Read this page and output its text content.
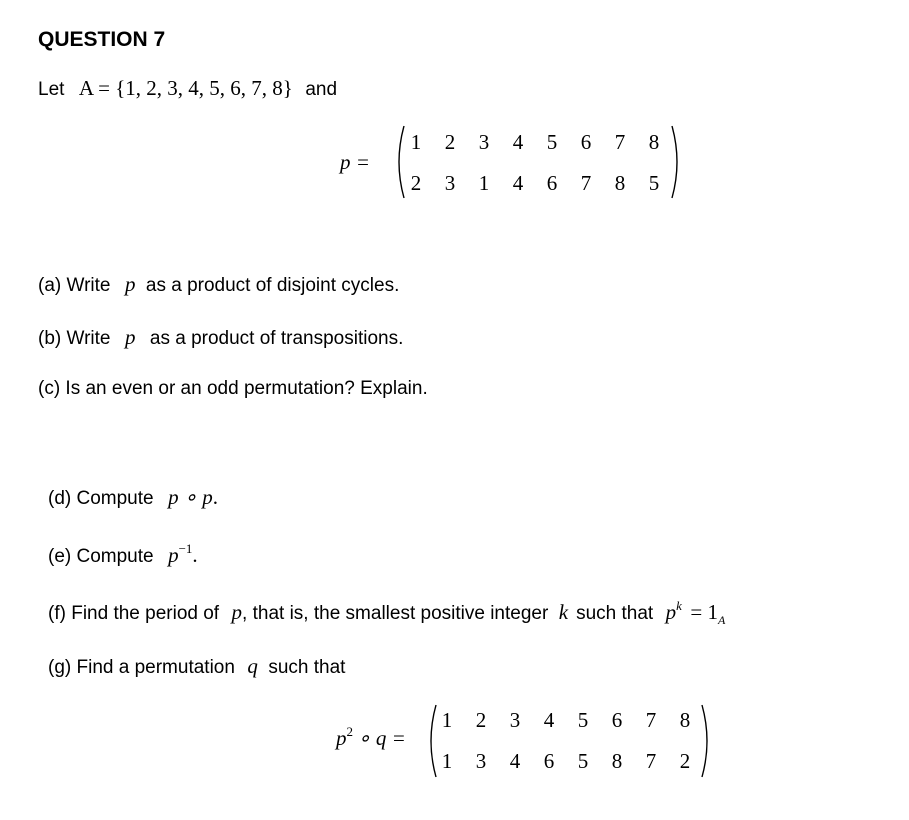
QUESTION 7
Let A = {1, 2, 3, 4, 5, 6, 7, 8} and
p =
1 2 3 4 5 6 7 8
2 3 1 4 6 7 8 5
(a) Write p as a product of disjoint cycles.
(b) Write p as a product of transpositions.
(c) Is an even or an odd permutation? Explain.
(d) Compute p ∘ p.
(e) Compute $p^{-1}$.
(f) Find the period of p, that is, the smallest positive integer k such that $p^k = 1_A$
(g) Find a permutation q such that
$p^2$ ∘ q =
1 2 3 4 5 6 7 8
1 3 4 6 5 8 7 2
